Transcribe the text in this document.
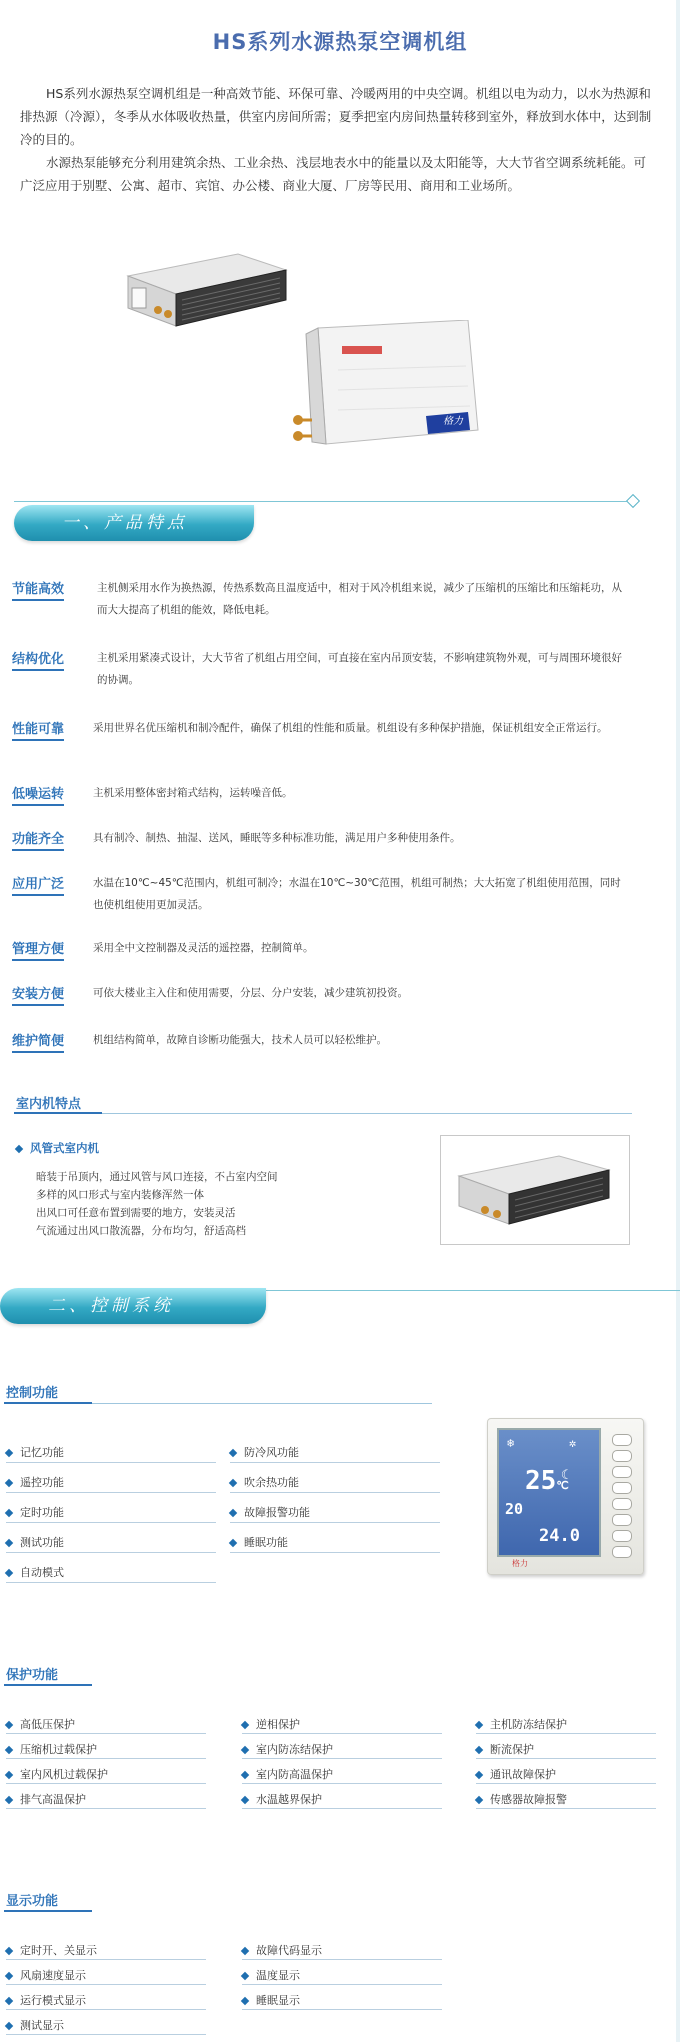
HS系列水源热泵空调机组

HS系列水源热泵空调机组是一种高效节能、环保可靠、冷暖两用的中央空调。机组以电为动力，以水为热源和排热源（冷源），冬季从水体吸收热量，供室内房间所需；夏季把室内房间热量转移到室外，释放到水体中，达到制冷的目的。

水源热泵能够充分利用建筑余热、工业余热、浅层地表水中的能量以及太阳能等，大大节省空调系统耗能。可广泛应用于别墅、公寓、超市、宾馆、办公楼、商业大厦、厂房等民用、商用和工业场所。

格力
一、产品特点
节能高效	主机侧采用水作为换热源，传热系数高且温度适中，相对于风冷机组来说，减少了压缩机的压缩比和压缩耗功，从而大大提高了机组的能效，降低电耗。
结构优化	主机采用紧凑式设计，大大节省了机组占用空间，可直接在室内吊顶安装，不影响建筑物外观，可与周围环境很好的协调。
性能可靠	采用世界名优压缩机和制冷配件，确保了机组的性能和质量。机组设有多种保护措施，保证机组安全正常运行。
低噪运转	主机采用整体密封箱式结构，运转噪音低。
功能齐全	具有制冷、制热、抽湿、送风，睡眠等多种标准功能，满足用户多种使用条件。
应用广泛	水温在10℃~45℃范围内，机组可制冷；水温在10℃~30℃范围，机组可制热；大大拓宽了机组使用范围，同时也使机组使用更加灵活。
管理方便	采用全中文控制器及灵活的遥控器，控制简单。
安装方便	可依大楼业主入住和使用需要，分层、分户安装，减少建筑初投资。
维护简便	机组结构简单，故障自诊断功能强大，技术人员可以轻松维护。
室内机特点
风管式室内机
暗装于吊顶内，通过风管与风口连接，不占室内空间
多样的风口形式与室内装修浑然一体
出风口可任意布置到需要的地方，安装灵活
气流通过出风口散流器，分布均匀，舒适高档
二、控制系统
控制功能
记忆功能
遥控功能
定时功能
测试功能
自动模式
防冷风功能
吹余热功能
故障报警功能
睡眠功能
❄	✲
☾
25℃
20
24.0
格力
保护功能
高低压保护
压缩机过载保护
室内风机过载保护
排气高温保护
逆相保护
室内防冻结保护
室内防高温保护
水温越界保护
主机防冻结保护
断流保护
通讯故障保护
传感器故障报警
显示功能
定时开、关显示
风扇速度显示
运行模式显示
测试显示
故障代码显示
温度显示
睡眠显示
